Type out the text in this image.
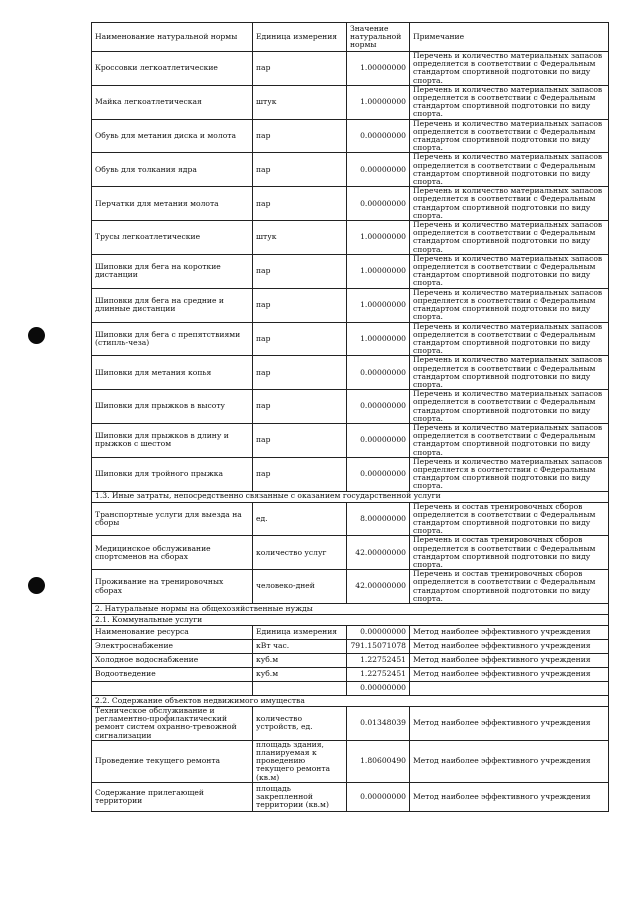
Наименование натуральной нормы	Единица измерения	Значение натуральной нормы	Примечание
Кроссовки легкоатлетические	пар	1.00000000	Перечень и количество материальных запасов определяется в соответствии с Федеральным стандартом спортивной подготовки по виду спорта.
Майка легкоатлетическая	штук	1.00000000	Перечень и количество материальных запасов определяется в соответствии с Федеральным стандартом спортивной подготовки по виду спорта.
Обувь для метания диска и молота	пар	0.00000000	Перечень и количество материальных запасов определяется в соответствии с Федеральным стандартом спортивной подготовки по виду спорта.
Обувь для толкания ядра	пар	0.00000000	Перечень и количество материальных запасов определяется в соответствии с Федеральным стандартом спортивной подготовки по виду спорта.
Перчатки для метания молота	пар	0.00000000	Перечень и количество материальных запасов определяется в соответствии с Федеральным стандартом спортивной подготовки по виду спорта.
Трусы легкоатлетические	штук	1.00000000	Перечень и количество материальных запасов определяется в соответствии с Федеральным стандартом спортивной подготовки по виду спорта.
Шиповки для бега на короткие дистанции	пар	1.00000000	Перечень и количество материальных запасов определяется в соответствии с Федеральным стандартом спортивной подготовки по виду спорта.
Шиповки для бега на средние и длинные дистанции	пар	1.00000000	Перечень и количество материальных запасов определяется в соответствии с Федеральным стандартом спортивной подготовки по виду спорта.
Шиповки для бега с препятствиями (стипль-чеза)	пар	1.00000000	Перечень и количество материальных запасов определяется в соответствии с Федеральным стандартом спортивной подготовки по виду спорта.
Шиповки для метания копья	пар	0.00000000	Перечень и количество материальных запасов определяется в соответствии с Федеральным стандартом спортивной подготовки по виду спорта.
Шиповки для прыжков в высоту	пар	0.00000000	Перечень и количество материальных запасов определяется в соответствии с Федеральным стандартом спортивной подготовки по виду спорта.
Шиповки для прыжков в длину и прыжков с шестом	пар	0.00000000	Перечень и количество материальных запасов определяется в соответствии с Федеральным стандартом спортивной подготовки по виду спорта.
Шиповки для тройного прыжка	пар	0.00000000	Перечень и количество материальных запасов определяется в соответствии с Федеральным стандартом спортивной подготовки по виду спорта.
1.3. Иные затраты, непосредственно связанные с оказанием государственной услуги			
Транспортные услуги для выезда на сборы	ед.	8.00000000	Перечень и состав тренировочных сборов определяется в соответствии с Федеральным стандартом спортивной подготовки по виду спорта.
Медицинское обслуживание спортсменов на сборах	количество услуг	42.00000000	Перечень и состав тренировочных сборов определяется в соответствии с Федеральным стандартом спортивной подготовки по виду спорта.
Проживание на тренировочных сборах	человеко-дней	42.00000000	Перечень и состав тренировочных сборов определяется в соответствии с Федеральным стандартом спортивной подготовки по виду спорта.
2. Натуральные нормы на общехозяйственные нужды			
2.1. Коммунальные услуги			
Наименование ресурса	Единица измерения	0.00000000	Метод наиболее эффективного учреждения
Электроснабжение	кВт час.	791.15071078	Метод наиболее эффективного учреждения
Холодное водоснабжение	куб.м	1.22752451	Метод наиболее эффективного учреждения
Водоотведение	куб.м	1.22752451	Метод наиболее эффективного учреждения
		0.00000000	
2.2. Содержание объектов недвижимого имущества			
Техническое обслуживание и регламентно-профилактический ремонт систем охранно-тревожной сигнализации	количество устройств, ед.	0.01348039	Метод наиболее эффективного учреждения
Проведение текущего ремонта	площадь здания, планируемая к проведению текущего ремонта (кв.м)	1.80600490	Метод наиболее эффективного учреждения
Содержание прилегающей территории	площадь закрепленной территории (кв.м)	0.00000000	Метод наиболее эффективного учреждения
